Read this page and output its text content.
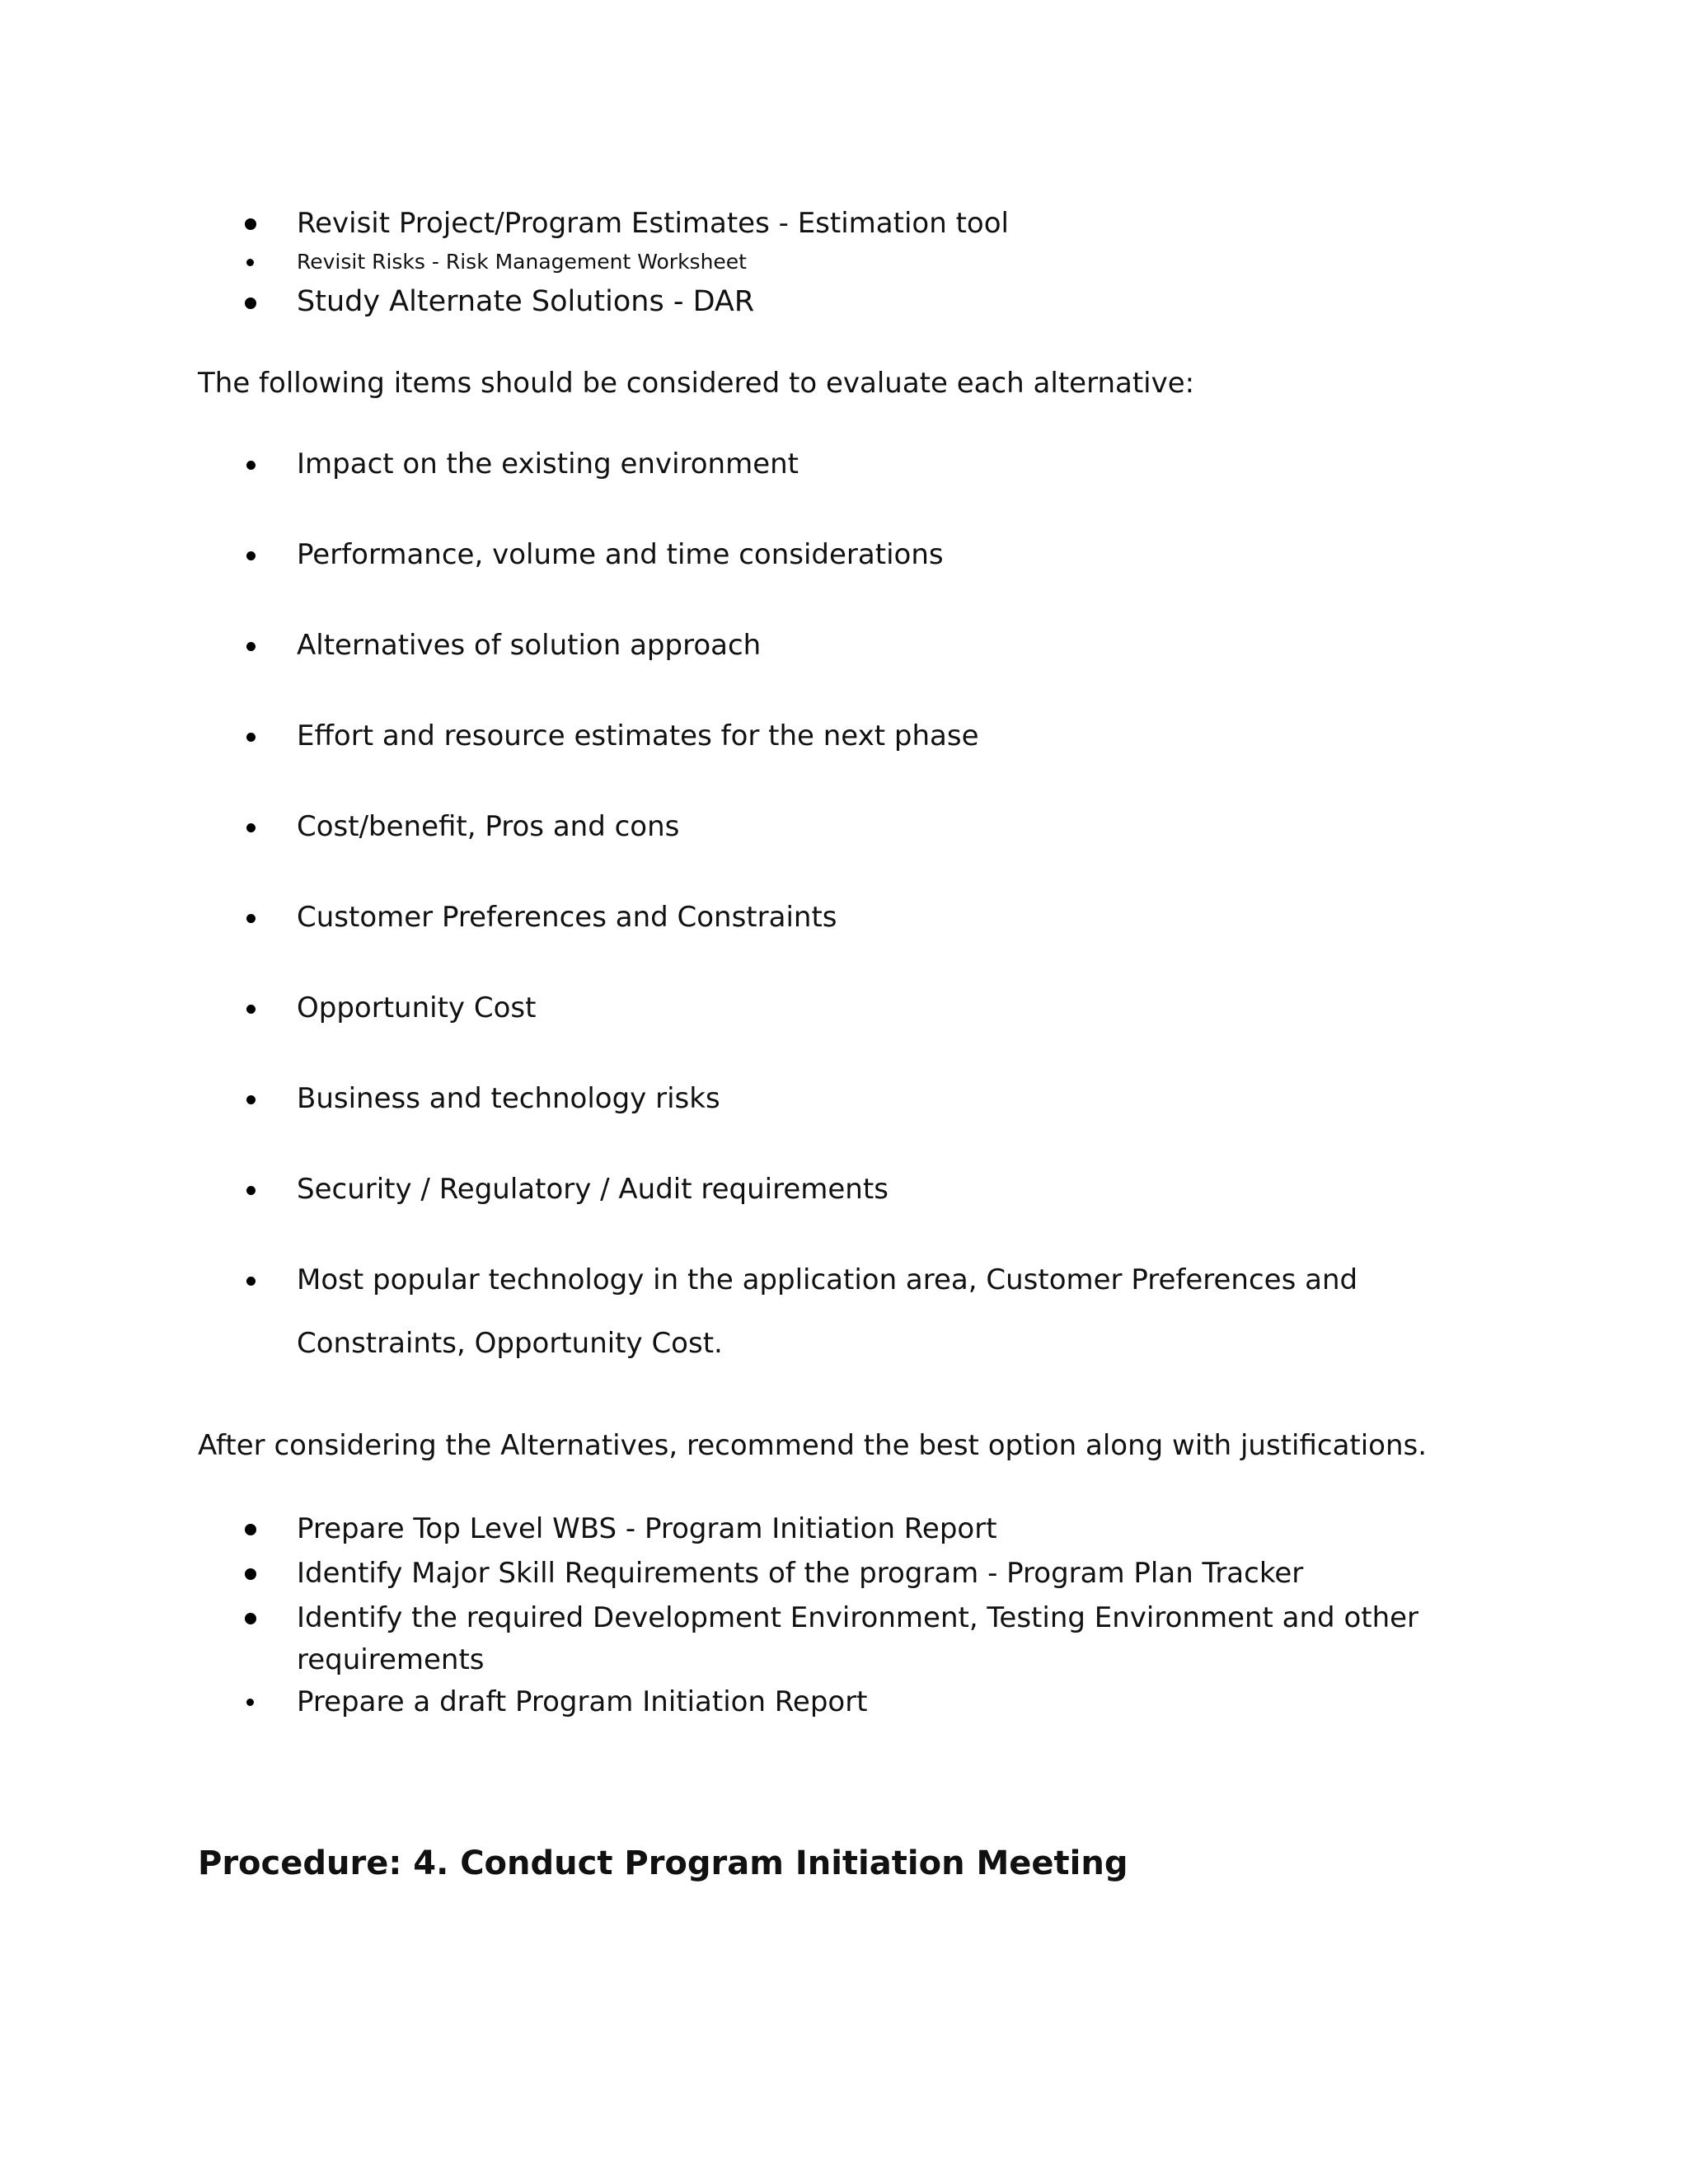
Revisit Project/Program Estimates - Estimation tool
Revisit Risks - Risk Management Worksheet
Study Alternate Solutions - DAR
The following items should be considered to evaluate each alternative:
Impact on the existing environment
Performance, volume and time considerations
Alternatives of solution approach
Effort and resource estimates for the next phase
Cost/benefit, Pros and cons
Customer Preferences and Constraints
Opportunity Cost
Business and technology risks
Security / Regulatory / Audit requirements
Most popular technology in the application area, Customer Preferences and Constraints, Opportunity Cost.
After considering the Alternatives, recommend the best option along with justifications.
Prepare Top Level WBS - Program Initiation Report
Identify Major Skill Requirements of the program - Program Plan Tracker
Identify the required Development Environment, Testing Environment and other requirements
Prepare a draft Program Initiation Report
Procedure: 4. Conduct Program Initiation Meeting
